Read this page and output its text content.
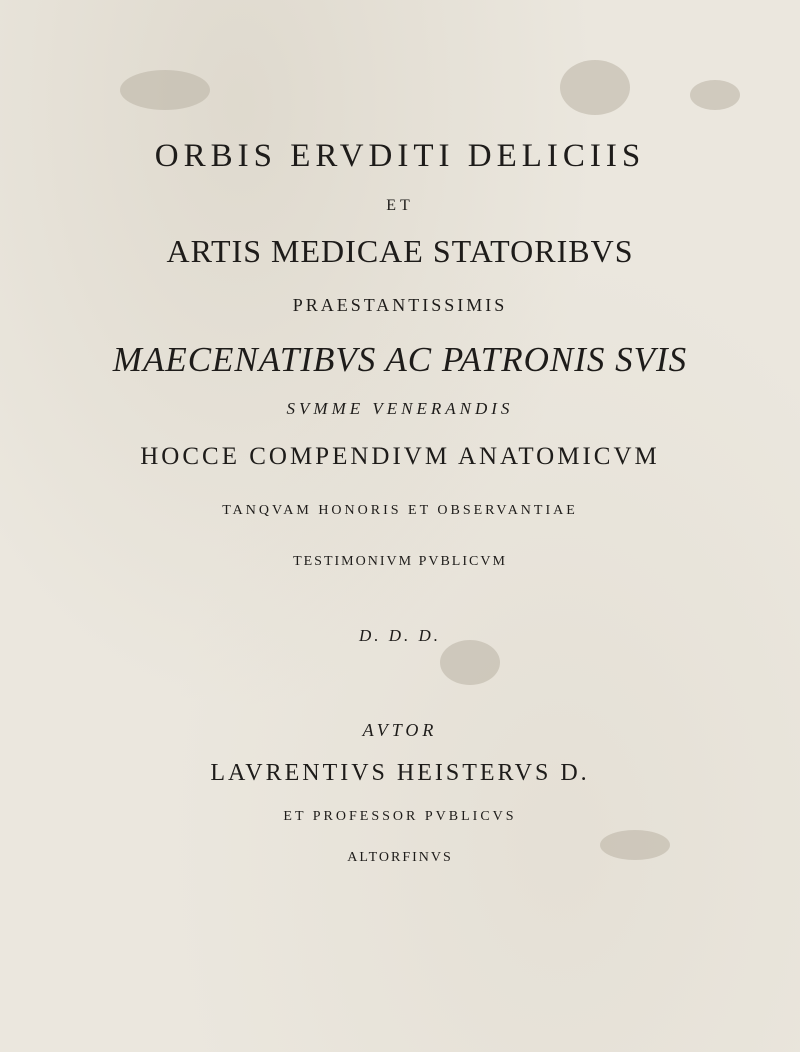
ORBIS ERVDITI DELICIIS
ET
ARTIS MEDICAE STATORIBVS
PRAESTANTISSIMIS
MAECENATIBVS AC PATRONIS SVIS
SVMME VENERANDIS
HOCCE COMPENDIVM ANATOMICVM
TANQVAM HONORIS ET OBSERVANTIAE
TESTIMONIVM PVBLICVM
D. D. D.
AVTOR
LAVRENTIVS HEISTERVS D.
ET PROFESSOR PVBLICVS
ALTORFINVS
